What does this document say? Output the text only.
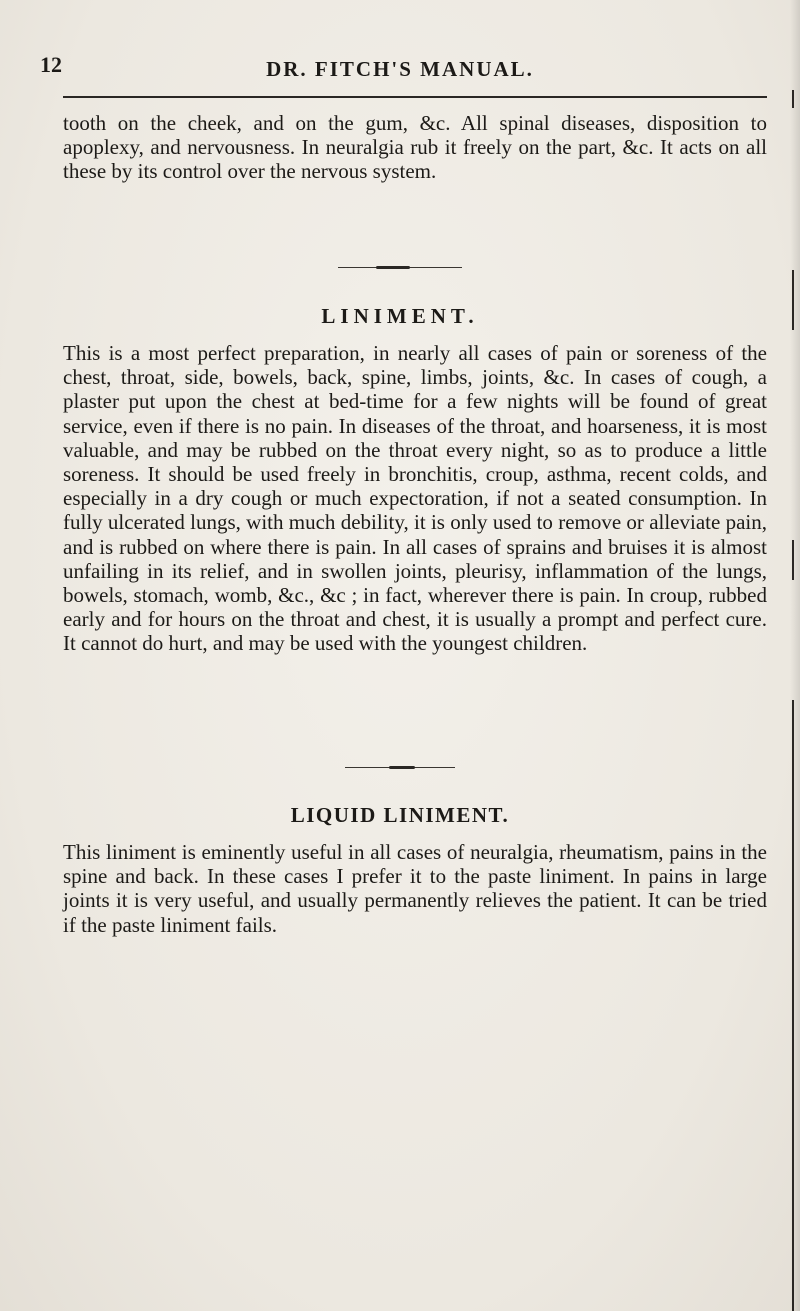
12	DR. FITCH'S MANUAL.

tooth on the cheek, and on the gum, &c. All spinal diseases, disposition to apoplexy, and nervousness. In neuralgia rub it freely on the part, &c. It acts on all these by its control over the nervous system.

LINIMENT.

This is a most perfect preparation, in nearly all cases of pain or soreness of the chest, throat, side, bowels, back, spine, limbs, joints, &c. In cases of cough, a plaster put upon the chest at bed-time for a few nights will be found of great service, even if there is no pain. In diseases of the throat, and hoarseness, it is most valuable, and may be rubbed on the throat every night, so as to produce a little soreness. It should be used freely in bronchitis, croup, asthma, recent colds, and especially in a dry cough or much expectoration, if not a seated consumption. In fully ulcerated lungs, with much debility, it is only used to remove or alleviate pain, and is rubbed on where there is pain. In all cases of sprains and bruises it is almost unfailing in its relief, and in swollen joints, pleurisy, inflammation of the lungs, bowels, stomach, womb, &c., &c ; in fact, wherever there is pain. In croup, rubbed early and for hours on the throat and chest, it is usually a prompt and perfect cure. It cannot do hurt, and may be used with the youngest children.

LIQUID LINIMENT.

This liniment is eminently useful in all cases of neuralgia, rheumatism, pains in the spine and back. In these cases I prefer it to the paste liniment. In pains in large joints it is very useful, and usually permanently relieves the patient. It can be tried if the paste liniment fails.
